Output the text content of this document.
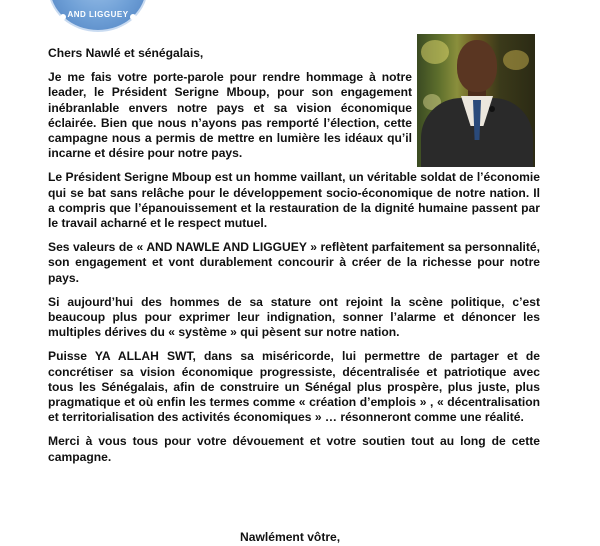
AND LIGGUEY

Chers Nawlé et sénégalais,

Je me fais votre porte-parole pour rendre hommage à notre leader, le Président Serigne Mboup, pour son engagement inébranlable envers notre pays et sa vision économique éclairée. Bien que nous n’ayons pas remporté l’élection, cette campagne nous a permis de mettre en lumière les idéaux qu’il incarne et désire pour notre pays.

Le Président Serigne Mboup est un homme vaillant, un véritable soldat de l’économie qui se bat sans relâche pour le développement socio-économique de notre nation. Il a compris que l’épanouissement et la restauration de la dignité humaine passent par le travail acharné et le respect mutuel.

Ses valeurs de « AND NAWLE AND LIGGUEY » reflètent parfaitement sa personnalité, son engagement et vont durablement concourir à créer de la richesse pour notre pays.

Si aujourd’hui des hommes de sa stature ont rejoint la scène politique, c’est beaucoup plus pour exprimer leur indignation, sonner l’alarme et dénoncer les multiples dérives du « système » qui pèsent sur notre nation.

Puisse YA ALLAH SWT, dans sa miséricorde, lui permettre de partager et de concrétiser sa vision économique progressiste, décentralisée et patriotique avec tous les Sénégalais, afin de construire un Sénégal plus prospère, plus juste, plus pragmatique et où enfin les termes comme « création d’emplois » , « décentralisation et territorialisation des activités économiques » … résonneront comme une réalité.

Merci à vous tous pour votre dévouement et votre soutien tout au long de cette campagne.

Nawlément vôtre,
